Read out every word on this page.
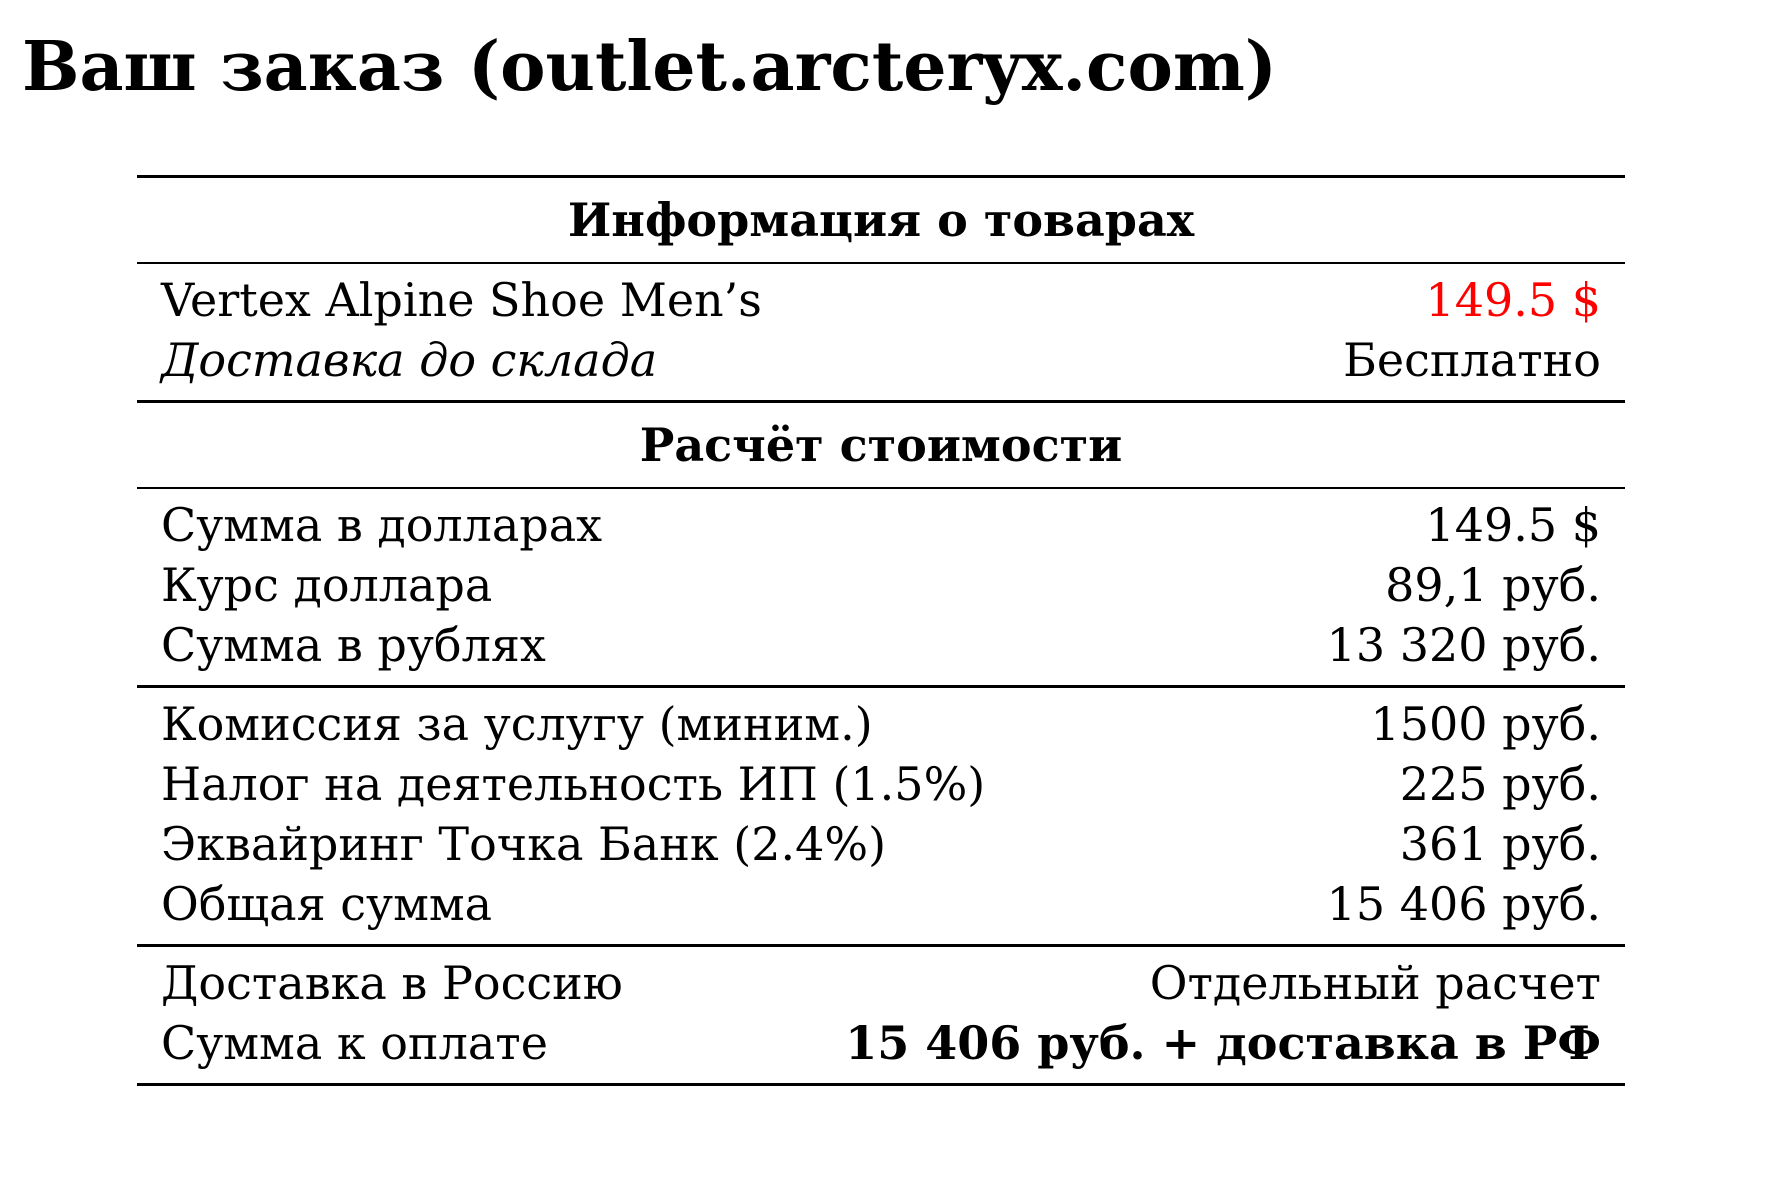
Ваш заказ (outlet.arcteryx.com)
Информация о товарах
Vertex Alpine Shoe Men’s	149.5 $
Доставка до склада	Бесплатно
Расчёт стоимости
Сумма в долларах	149.5 $
Курс доллара	89,1 руб.
Сумма в рублях	13 320 руб.
Комиссия за услугу (миним.)	1500 руб.
Налог на деятельность ИП (1.5%)	225 руб.
Эквайринг Точка Банк (2.4%)	361 руб.
Общая сумма	15 406 руб.
Доставка в Россию	Отдельный расчет
Сумма к оплате	15 406 руб. + доставка в РФ
